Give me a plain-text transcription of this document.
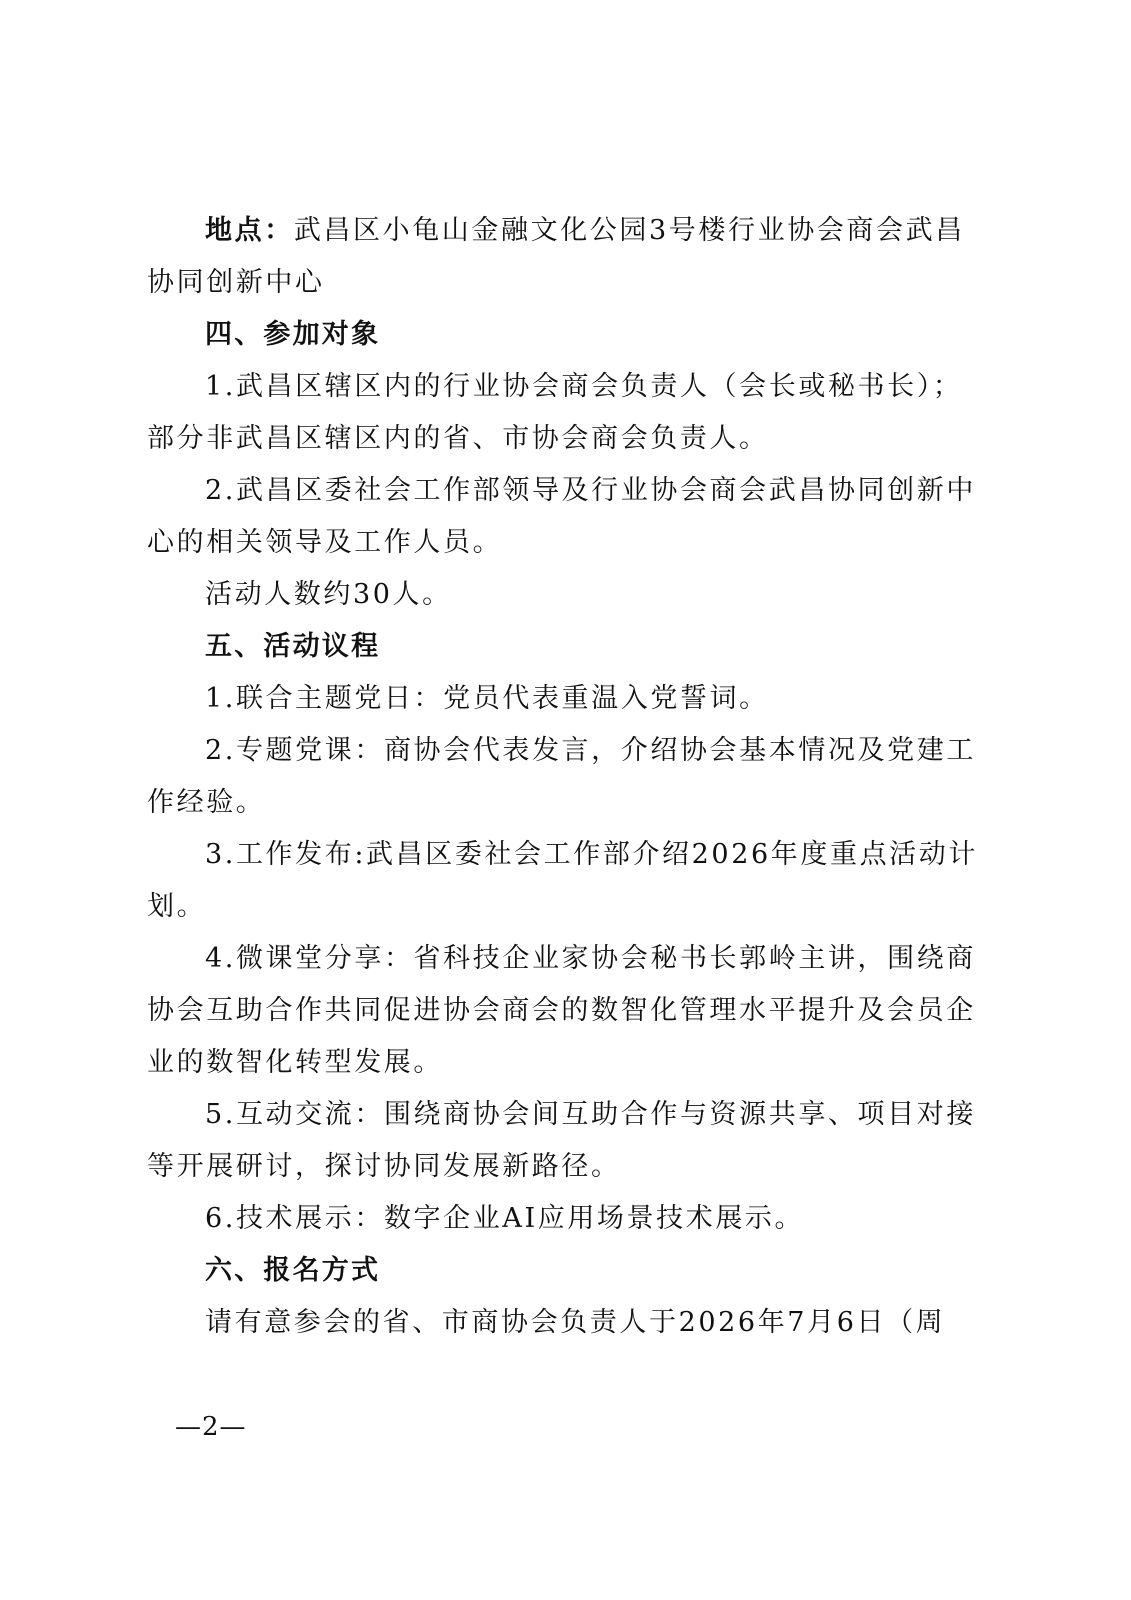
地点：武昌区小龟山金融文化公园3号楼行业协会商会武昌
协同创新中心
四、参加对象
1.武昌区辖区内的行业协会商会负责人（会长或秘书长）；
部分非武昌区辖区内的省、市协会商会负责人。
2.武昌区委社会工作部领导及行业协会商会武昌协同创新中
心的相关领导及工作人员。
活动人数约30人。
五、活动议程
1.联合主题党日：党员代表重温入党誓词。
2.专题党课：商协会代表发言，介绍协会基本情况及党建工
作经验。
3.工作发布:武昌区委社会工作部介绍2026年度重点活动计
划。
4.微课堂分享：省科技企业家协会秘书长郭岭主讲，围绕商
协会互助合作共同促进协会商会的数智化管理水平提升及会员企
业的数智化转型发展。
5.互动交流：围绕商协会间互助合作与资源共享、项目对接
等开展研讨，探讨协同发展新路径。
6.技术展示：数字企业AI应用场景技术展示。
六、报名方式
请有意参会的省、市商协会负责人于2026年7月6日（周
—2—
